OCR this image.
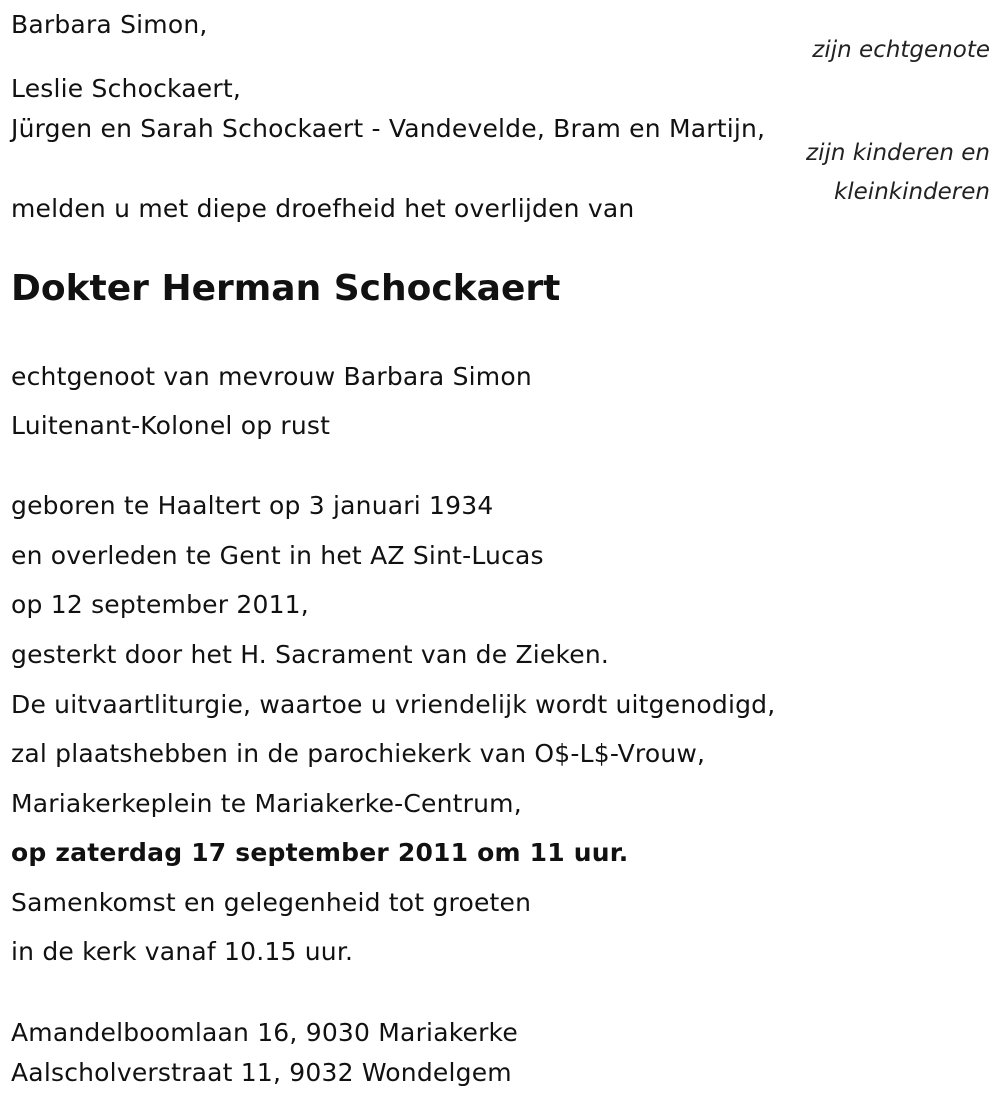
Barbara Simon,
zijn echtgenote
Leslie Schockaert,
Jürgen en Sarah Schockaert - Vandevelde, Bram en Martijn,
zijn kinderen en
kleinkinderen
melden u met diepe droefheid het overlijden van
Dokter Herman Schockaert
echtgenoot van mevrouw Barbara Simon
Luitenant-Kolonel op rust
geboren te Haaltert op 3 januari 1934
en overleden te Gent in het AZ Sint-Lucas
op 12 september 2011,
gesterkt door het H. Sacrament van de Zieken.
De uitvaartliturgie, waartoe u vriendelijk wordt uitgenodigd,
zal plaatshebben in de parochiekerk van O$-L$-Vrouw,
Mariakerkeplein te Mariakerke-Centrum,
op zaterdag 17 september 2011 om 11 uur.
Samenkomst en gelegenheid tot groeten
in de kerk vanaf 10.15 uur.
Amandelboomlaan 16, 9030 Mariakerke
Aalscholverstraat 11, 9032 Wondelgem
